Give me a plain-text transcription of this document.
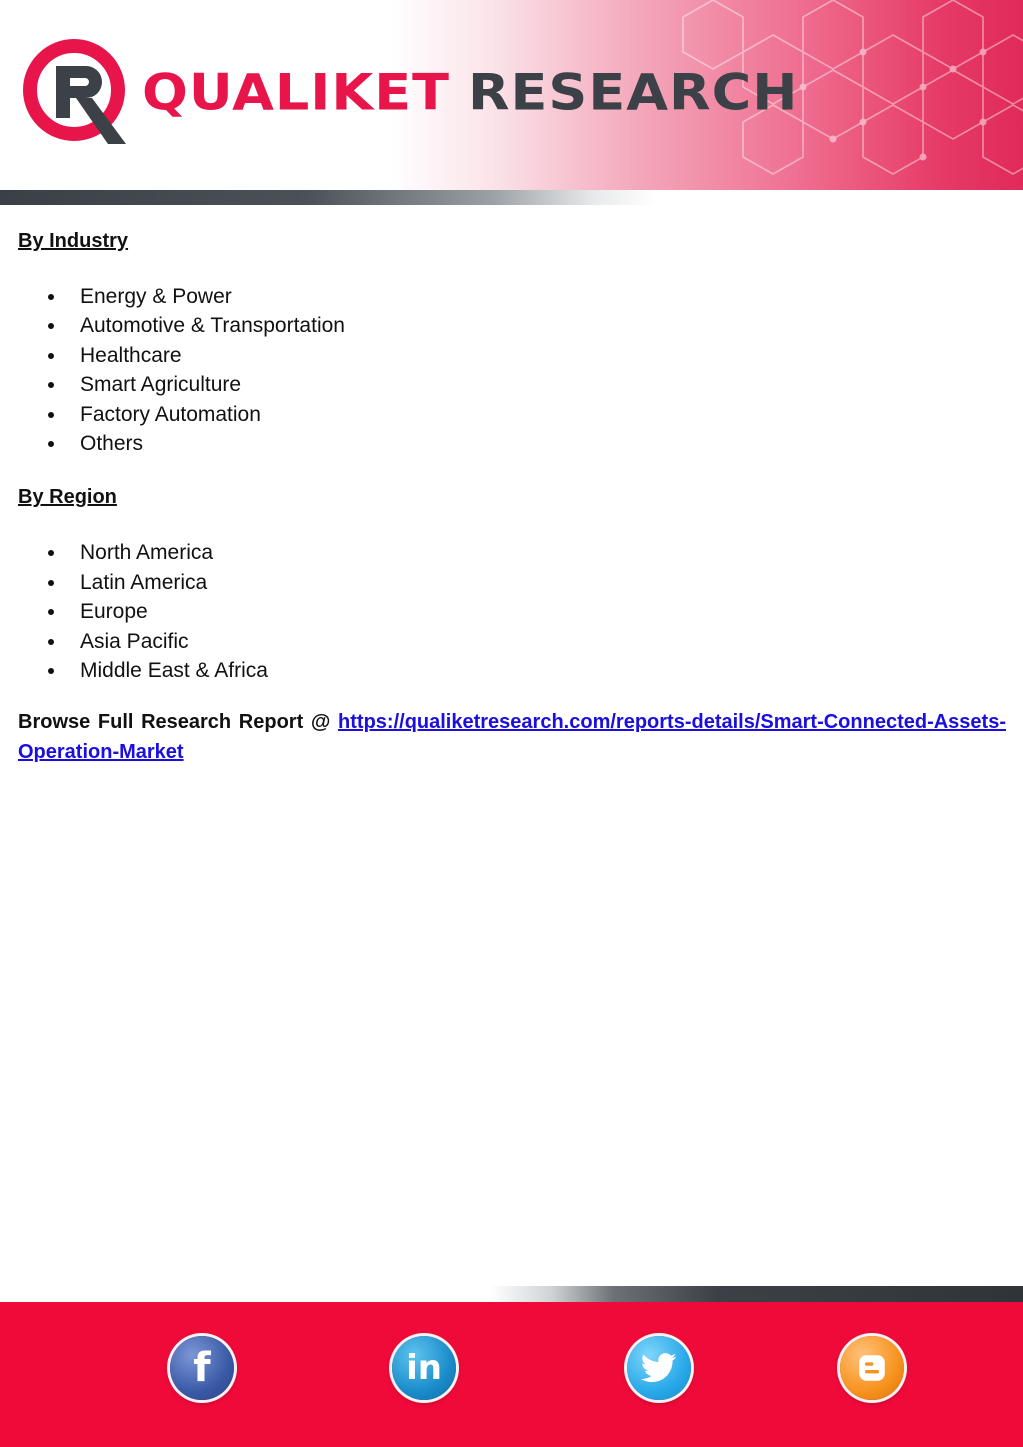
QUALIKET RESEARCH
By Industry
Energy & Power
Automotive & Transportation
Healthcare
Smart Agriculture
Factory Automation
Others
By Region
North America
Latin America
Europe
Asia Pacific
Middle East & Africa

Browse Full Research Report @ https://qualiketresearch.com/reports-details/Smart-Connected-Assets-Operation-Market

f	in
